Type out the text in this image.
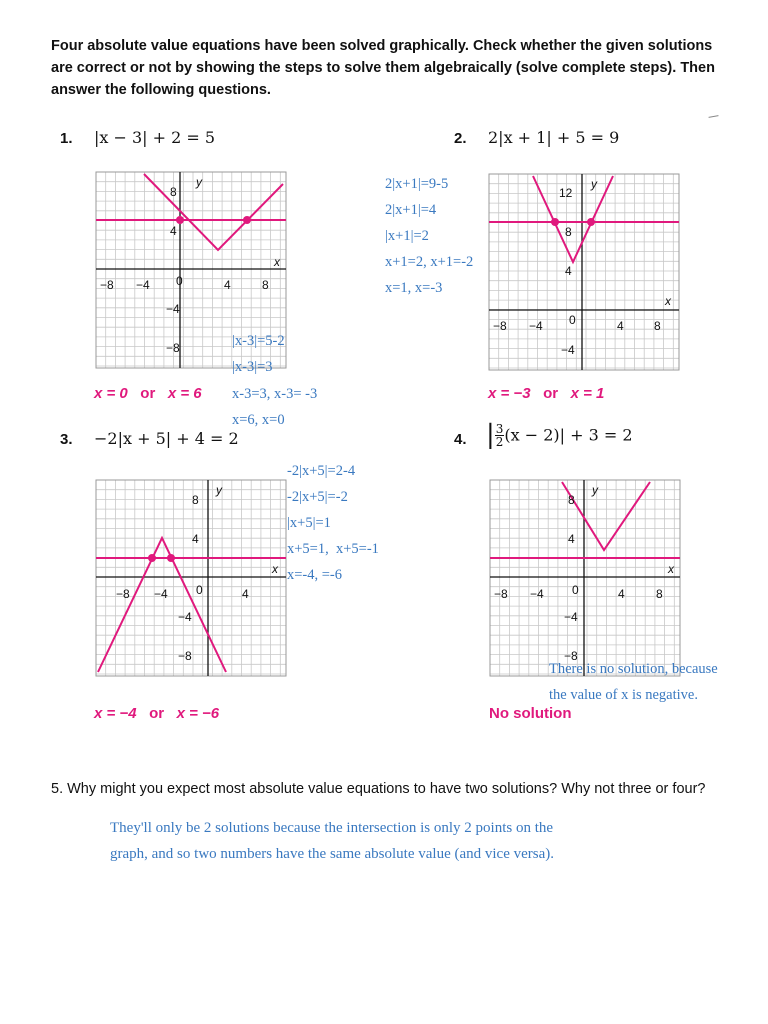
Four absolute value equations have been solved graphically. Check whether the given solutions are correct or not by showing the steps to solve them algebraically (solve complete steps). Then answer the following questions.
1. |x − 3| + 2 = 5	2. 2|x + 1| + 5 = 9
−8 −4 0	4	8
8
4
−4
−8
x
y
|x-3|=5-2
|x-3|=3
x-3=3, x-3= -3
x=6, x=0
x = 0 or x = 6
2|x+1|=9-5
2|x+1|=4
|x+1|=2
x+1=2, x+1=-2
x=1, x=-3
−8 −4 0	4	8
12
8
4
−4
x
y
x = −3 or x = 1
3. −2|x + 5| + 4 = 2	4. | $\frac{3}{2} (x - 2)| + 3 = 2$
-2|x+5|=2-4
-2|x+5|=-2
|x+5|=1
x+5=1,  x+5=-1
x=-4, =-6
−8 −4 0	4
8
4
−4
−8
x
y
−8 −4 0	4	8
8
4
−4
−8
x
y
There is no solution, because
the value of x is negative.
x = −4 or x = −6	No solution
5. Why might you expect most absolute value equations to have two solutions? Why not three or four?
They'll only be 2 solutions because the intersection is only 2 points on the
graph, and so two numbers have the same absolute value (and vice versa).
